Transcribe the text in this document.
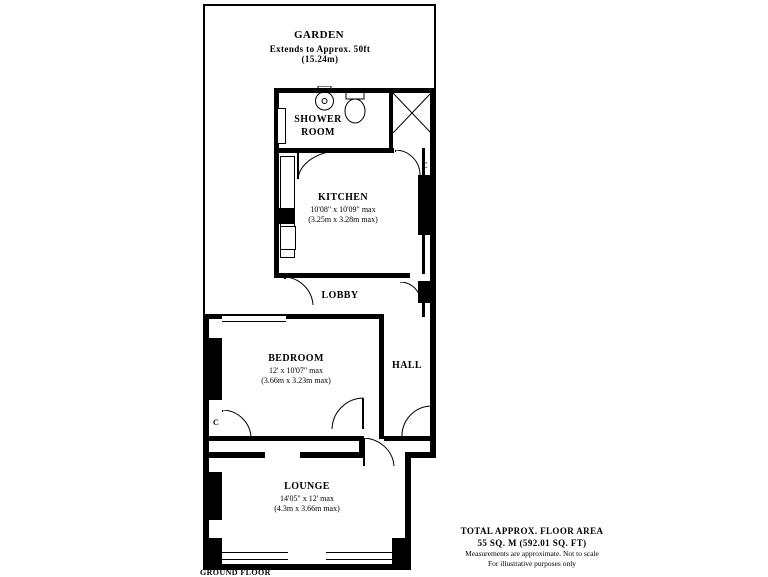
GARDEN
Extends to Approx. 50ft (15.24m)
SHOWER
ROOM
KITCHEN
10'08" x 10'09" max
(3.25m x 3.28m max)
LOBBY
BEDROOM
12' x 10'07" max
(3.66m x 3.23m max)
HALL
LOUNGE
14'05" x 12' max
(4.3m x 3.66m max)
C
C
C
GROUND FLOOR
TOTAL APPROX. FLOOR AREA
55 SQ. M (592.01 SQ. FT)
Measurements are approximate. Not to scale
For illustrative purposes only
